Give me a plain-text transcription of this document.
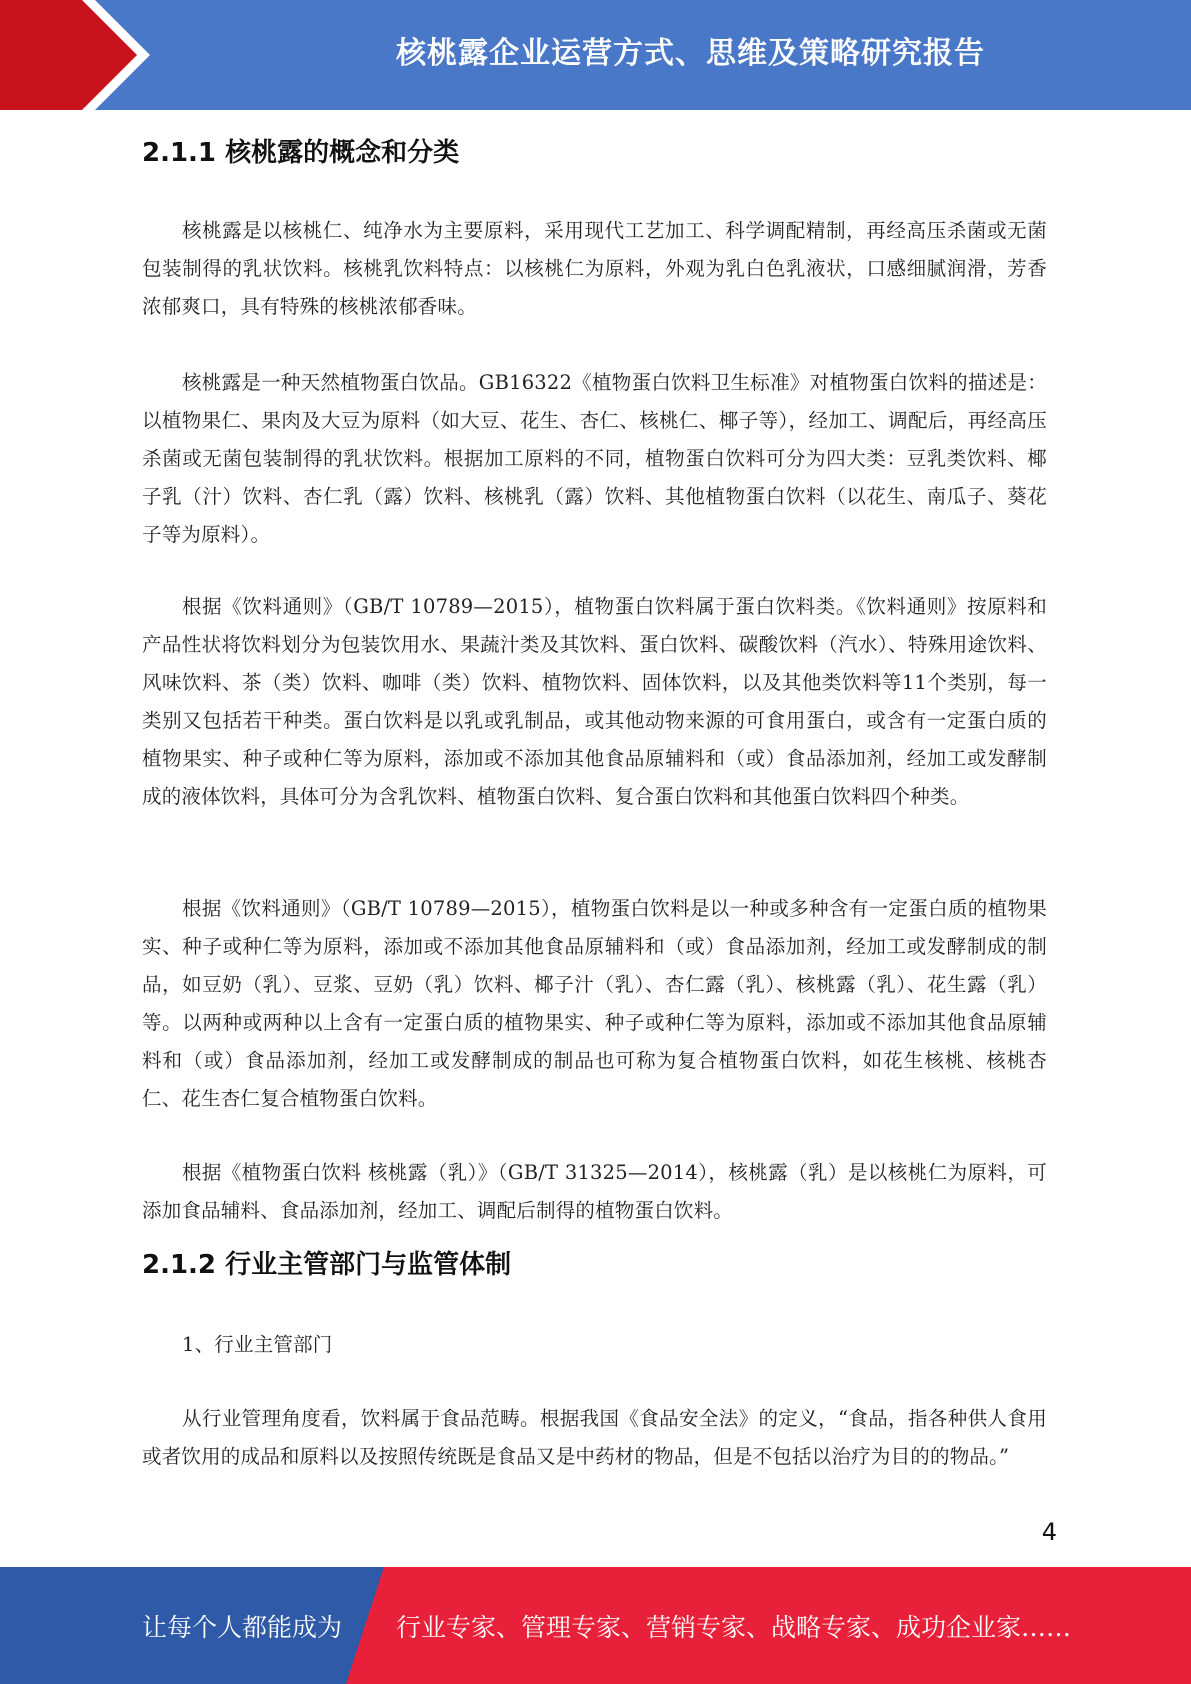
核桃露企业运营方式、思维及策略研究报告
2.1.1 核桃露的概念和分类

核桃露是以核桃仁、纯净水为主要原料，采用现代工艺加工、科学调配精制，再经高压杀菌或无菌包装制得的乳状饮料。核桃乳饮料特点：以核桃仁为原料，外观为乳白色乳液状，口感细腻润滑，芳香浓郁爽口，具有特殊的核桃浓郁香味。

核桃露是一种天然植物蛋白饮品。GB16322《植物蛋白饮料卫生标准》对植物蛋白饮料的描述是：以植物果仁、果肉及大豆为原料（如大豆、花生、杏仁、核桃仁、椰子等），经加工、调配后，再经高压杀菌或无菌包装制得的乳状饮料。根据加工原料的不同，植物蛋白饮料可分为四大类：豆乳类饮料、椰子乳（汁）饮料、杏仁乳（露）饮料、核桃乳（露）饮料、其他植物蛋白饮料（以花生、南瓜子、葵花子等为原料）。

根据《饮料通则》（GB/T 10789—2015），植物蛋白饮料属于蛋白饮料类。《饮料通则》按原料和产品性状将饮料划分为包装饮用水、果蔬汁类及其饮料、蛋白饮料、碳酸饮料（汽水）、特殊用途饮料、风味饮料、茶（类）饮料、咖啡（类）饮料、植物饮料、固体饮料，以及其他类饮料等11个类别，每一类别又包括若干种类。蛋白饮料是以乳或乳制品，或其他动物来源的可食用蛋白，或含有一定蛋白质的植物果实、种子或种仁等为原料，添加或不添加其他食品原辅料和（或）食品添加剂，经加工或发酵制成的液体饮料，具体可分为含乳饮料、植物蛋白饮料、复合蛋白饮料和其他蛋白饮料四个种类。

根据《饮料通则》（GB/T 10789—2015），植物蛋白饮料是以一种或多种含有一定蛋白质的植物果实、种子或种仁等为原料，添加或不添加其他食品原辅料和（或）食品添加剂，经加工或发酵制成的制品，如豆奶（乳）、豆浆、豆奶（乳）饮料、椰子汁（乳）、杏仁露（乳）、核桃露（乳）、花生露（乳）等。以两种或两种以上含有一定蛋白质的植物果实、种子或种仁等为原料，添加或不添加其他食品原辅料和（或）食品添加剂，经加工或发酵制成的制品也可称为复合植物蛋白饮料，如花生核桃、核桃杏仁、花生杏仁复合植物蛋白饮料。

根据《植物蛋白饮料 核桃露（乳）》（GB/T 31325—2014），核桃露（乳）是以核桃仁为原料，可添加食品辅料、食品添加剂，经加工、调配后制得的植物蛋白饮料。

2.1.2 行业主管部门与监管体制

1、行业主管部门

从行业管理角度看，饮料属于食品范畴。根据我国《食品安全法》的定义，“食品，指各种供人食用或者饮用的成品和原料以及按照传统既是食品又是中药材的物品，但是不包括以治疗为目的的物品。”

4
让每个人都能成为 行业专家、管理专家、营销专家、战略专家、成功企业家……
